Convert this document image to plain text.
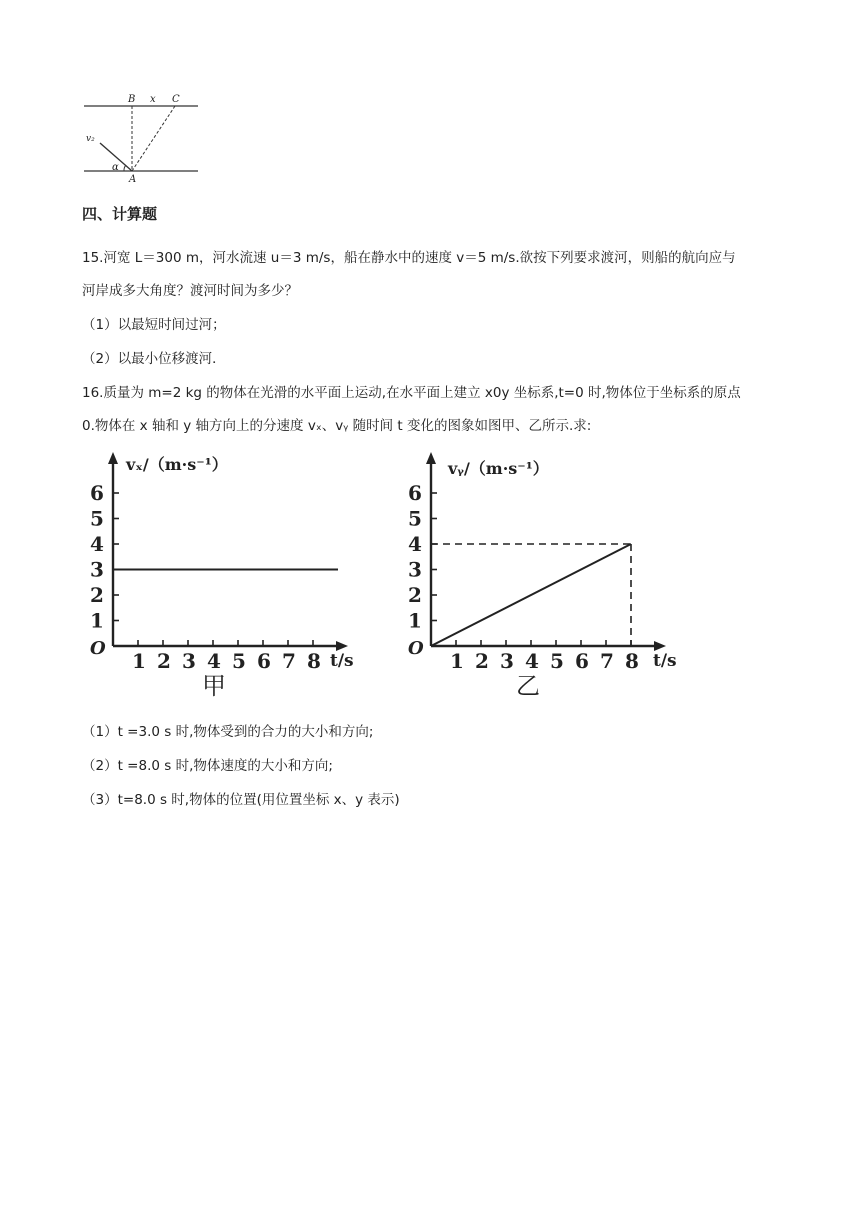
B x C
v₂
α
A
四、计算题
15.河宽 L＝300 m，河水流速 u＝3 m/s，船在静水中的速度 v＝5 m/s.欲按下列要求渡河，则船的航向应与
河岸成多大角度？渡河时间为多少？
（1）以最短时间过河；
（2）以最小位移渡河．
16.质量为 m=2 kg 的物体在光滑的水平面上运动,在水平面上建立 x0y 坐标系,t=0 时,物体位于坐标系的原点
0.物体在 x 轴和 y 轴方向上的分速度 vₓ、vᵧ 随时间 t 变化的图象如图甲、乙所示.求:
vₓ/（m·s⁻¹）
O
t/s
甲
1
2
3
4
5
6
1 2 3 4 5 6 7 8
vᵧ/（m·s⁻¹）
O
t/s
乙
1
2
3
4
5
6
1 2 3 4 5 6 7 8
（1）t =3.0 s 时,物体受到的合力的大小和方向;
（2）t =8.0 s 时,物体速度的大小和方向;
（3）t=8.0 s 时,物体的位置(用位置坐标 x、y 表示)
